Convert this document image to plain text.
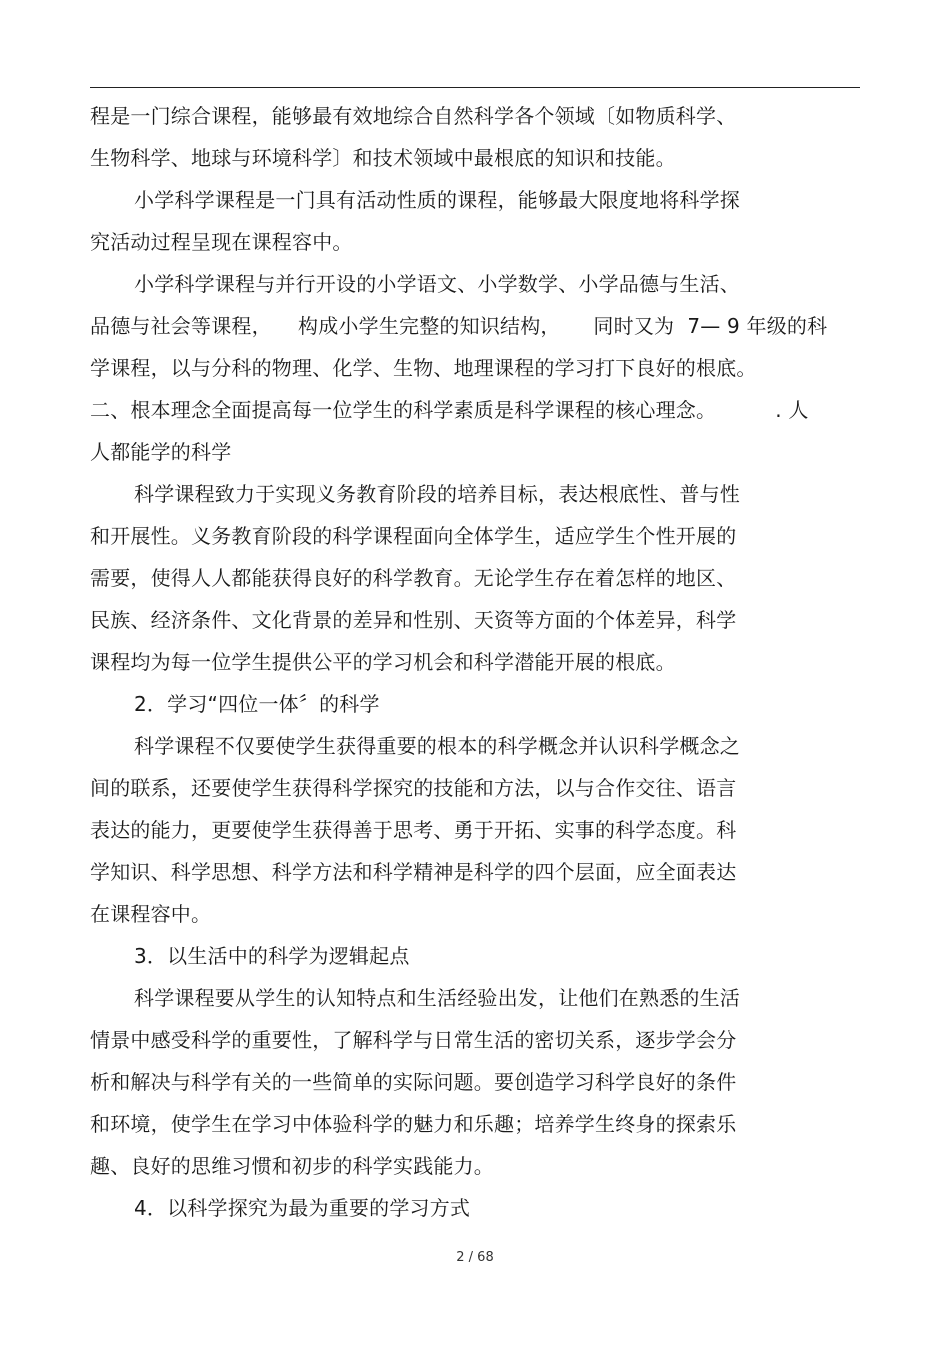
程是一门综合课程，能够最有效地综合自然科学各个领域〔如物质科学、
生物科学、地球与环境科学〕和技术领域中最根底的知识和技能。
小学科学课程是一门具有活动性质的课程，能够最大限度地将科学探
究活动过程呈现在课程容中。
小学科学课程与并行开设的小学语文、小学数学、小学品德与生活、
品德与社会等课程，    构成小学生完整的知识结构，     同时又为  7— 9 年级的科
学课程，以与分科的物理、化学、生物、地理课程的学习打下良好的根底。
二、根本理念全面提高每一位学生的科学素质是科学课程的核心理念。         . 人
人都能学的科学
科学课程致力于实现义务教育阶段的培养目标，表达根底性、普与性
和开展性。义务教育阶段的科学课程面向全体学生，适应学生个性开展的
需要，使得人人都能获得良好的科学教育。无论学生存在着怎样的地区、
民族、经济条件、文化背景的差异和性别、天资等方面的个体差异，科学
课程均为每一位学生提供公平的学习机会和科学潜能开展的根底。
2．学习“四位一体〞的科学
科学课程不仅要使学生获得重要的根本的科学概念并认识科学概念之
间的联系，还要使学生获得科学探究的技能和方法，以与合作交往、语言
表达的能力，更要使学生获得善于思考、勇于开拓、实事的科学态度。科
学知识、科学思想、科学方法和科学精神是科学的四个层面，应全面表达
在课程容中。
3．以生活中的科学为逻辑起点
科学课程要从学生的认知特点和生活经验出发，让他们在熟悉的生活
情景中感受科学的重要性，了解科学与日常生活的密切关系，逐步学会分
析和解决与科学有关的一些简单的实际问题。要创造学习科学良好的条件
和环境，使学生在学习中体验科学的魅力和乐趣；培养学生终身的探索乐
趣、良好的思维习惯和初步的科学实践能力。
4．以科学探究为最为重要的学习方式
2 / 68
